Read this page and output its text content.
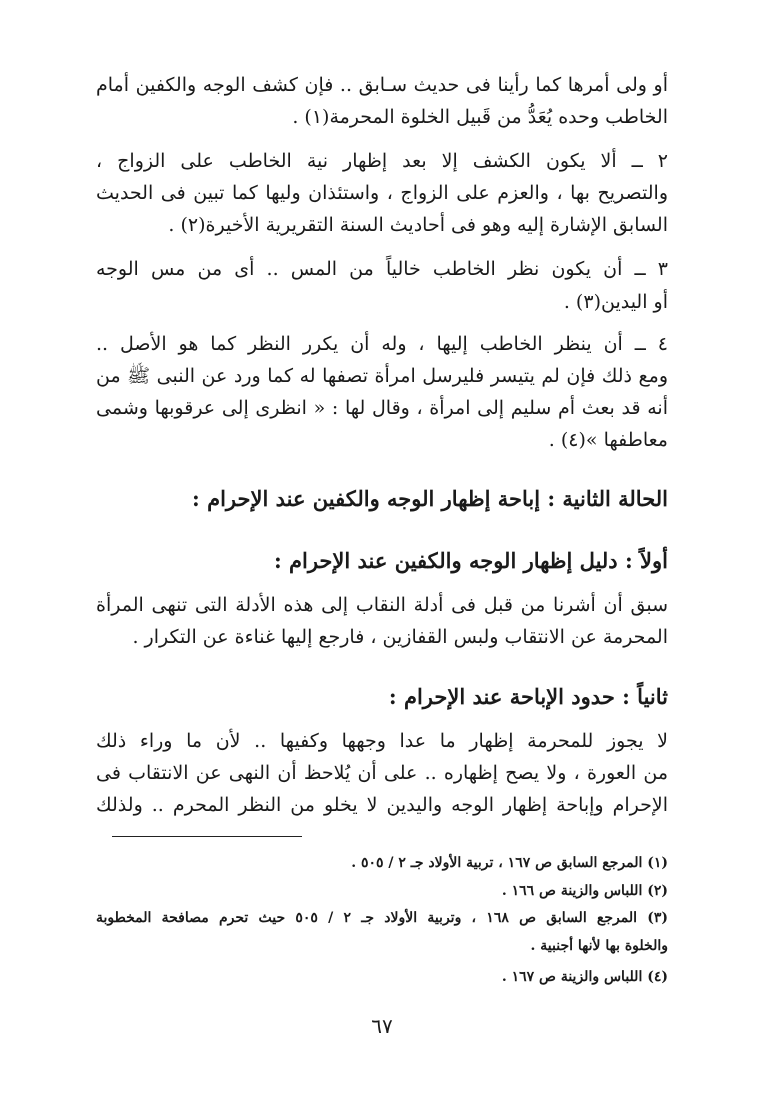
أو ولى أمرها كما رأينا فى حديث سـابق .. فإن كشف الوجه والكفين أمام
الخاطب وحده يُعَدُّ من قَبيل الخلوة المحرمة(١) .
٢ ــ ألا يكون الكشف إلا بعد إظهار نية الخاطب على الزواج ،
والتصريح بها ، والعزم على الزواج ، واستئذان وليها كما تبين فى الحديث
السابق الإشارة إليه وهو فى أحاديث السنة التقريرية الأخيرة(٢) .
٣ ــ أن يكون نظر الخاطب خالياً من المس .. أى من مس الوجه
أو اليدين(٣) .
٤ ــ أن ينظر الخاطب إليها ، وله أن يكرر النظر كما هو الأصل ..
ومع ذلك فإن لم يتيسر فليرسل امرأة تصفها له كما ورد عن النبى ﷺ من
أنه قد بعث أم سليم إلى امرأة ، وقال لها : « انظرى إلى عرقوبها وشمى
معاطفها »(٤) .
الحالة الثانية : إباحة إظهار الوجه والكفين عند الإحرام :
أولاً : دليل إظهار الوجه والكفين عند الإحرام :
سبق أن أشرنا من قبل فى أدلة النقاب إلى هذه الأدلة التى تنهى المرأة
المحرمة عن الانتقاب ولبس القفازين ، فارجع إليها غناءة عن التكرار .
ثانياً : حدود الإباحة عند الإحرام :
لا يجوز للمحرمة إظهار ما عدا وجهها وكفيها .. لأن ما وراء ذلك
من العورة ، ولا يصح إظهاره .. على أن يُلاحظ أن النهى عن الانتقاب فى
الإحرام وإباحة إظهار الوجه واليدين لا يخلو من النظر المحرم .. ولذلك
(١) المرجع السابق ص ١٦٧ ، تربية الأولاد جـ ٢ / ٥٠٥ .
(٢) اللباس والزينة ص ١٦٦ .
(٣) المرجع السابق ص ١٦٨ ، وتربية الأولاد جـ ٢ / ٥٠٥ حيث تحرم مصافحة المخطوبة
والخلوة بها لأنها أجنبية .
(٤) اللباس والزينة ص ١٦٧ .
٦٧
